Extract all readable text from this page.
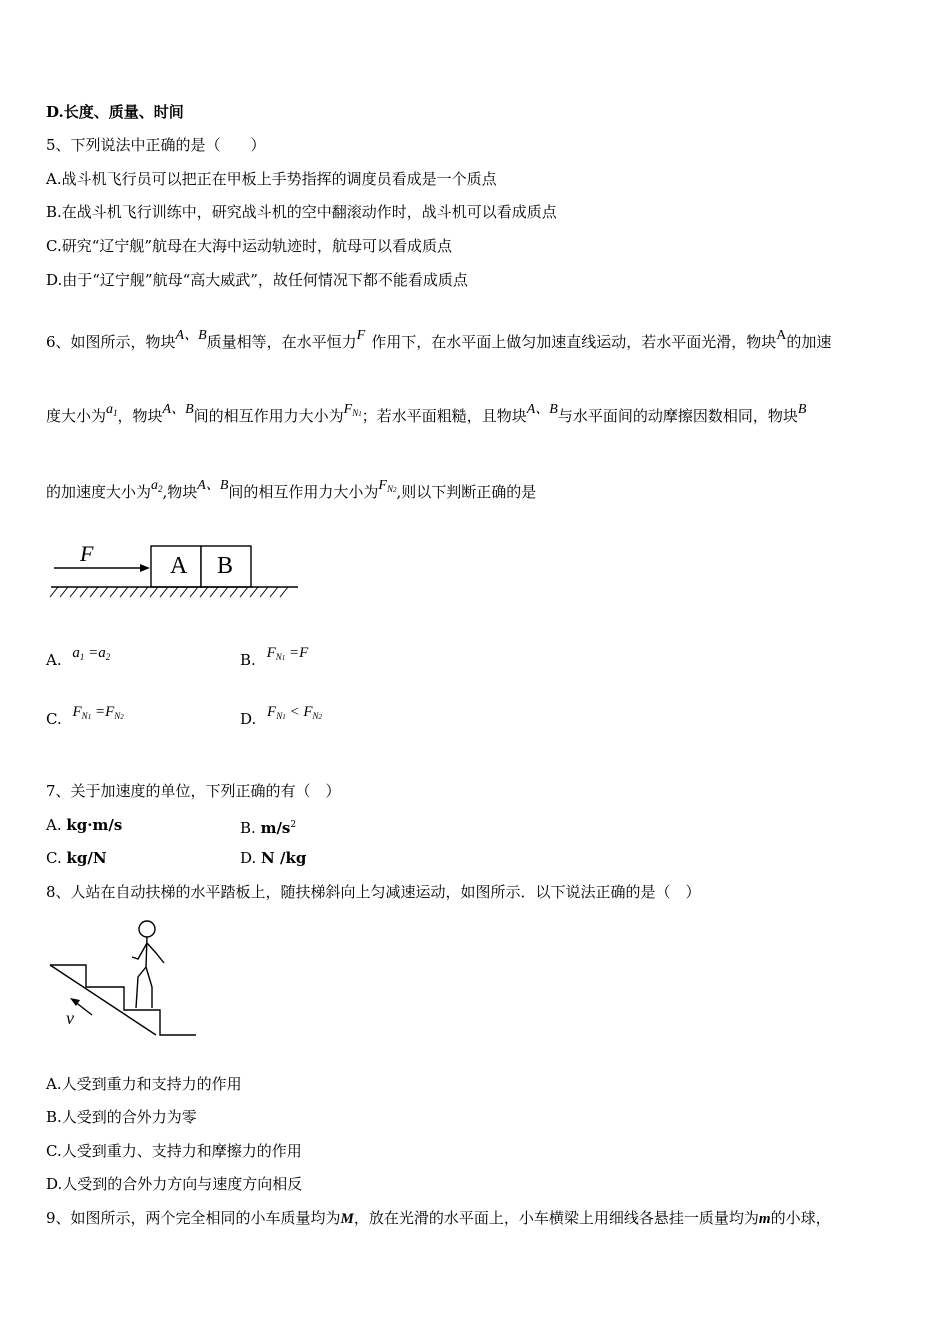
D.长度、质量、时间
5、下列说法中正确的是（　　）
A.战斗机飞行员可以把正在甲板上手势指挥的调度员看成是一个质点
B.在战斗机飞行训练中，研究战斗机的空中翻滚动作时，战斗机可以看成质点
C.研究“辽宁舰”航母在大海中运动轨迹时，航母可以看成质点
D.由于“辽宁舰”航母“高大威武”，故任何情况下都不能看成质点
6、如图所示，物块$^{A、B}$质量相等，在水平恒力$^F$ 作用下，在水平面上做匀加速直线运动，若水平面光滑，物块$^A$的加速
度大小为$^{a_1}$，物块$^{A、B}$间的相互作用力大小为$^{F_{N1}}$；若水平面粗糙，且物块$^{A、B}$与水平面间的动摩擦因数相同，物块$^B$
的加速度大小为$^{a_2}$,物块$^{A、B}$间的相互作用力大小为$^{F_{N2}}$,则以下判断正确的是
F	A B
A. $a_1 =a_2$	B. $F_{N1} =F$
C. $F_{N1} =F_{N2}$	D. $F_{N1} < F_{N2}$
7、关于加速度的单位，下列正确的有（　）
A. kg·m/s	B. $m/s^2$
C. kg/N	D. N /kg
8、人站在自动扶梯的水平踏板上，随扶梯斜向上匀减速运动，如图所示．以下说法正确的是（　）
v
A.人受到重力和支持力的作用
B.人受到的合外力为零
C.人受到重力、支持力和摩擦力的作用
D.人受到的合外力方向与速度方向相反
9、如图所示，两个完全相同的小车质量均为M，放在光滑的水平面上，小车横梁上用细线各悬挂一质量均为m的小球，
